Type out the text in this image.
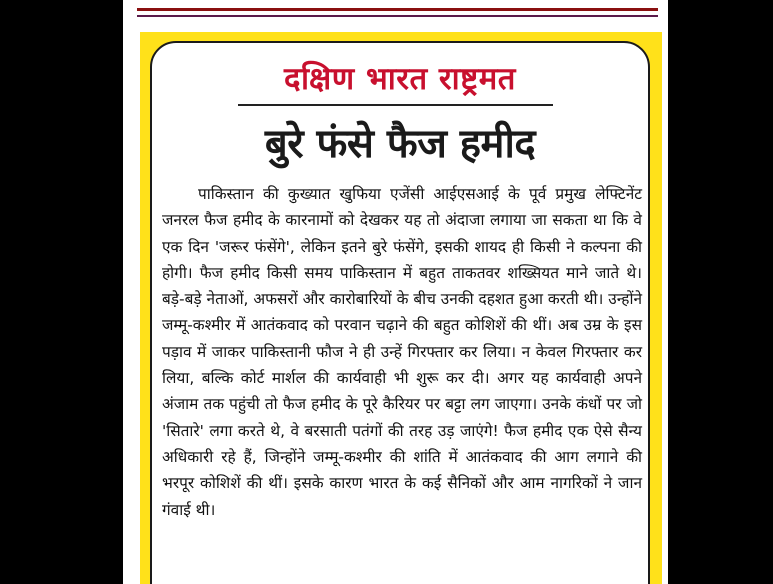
दक्षिण भारत राष्ट्रमत
बुरे फंसे फैज हमीद

पाकिस्तान की कुख्यात खुफिया एजेंसी आईएसआई के पूर्व प्रमुख लेफ्टिनेंट जनरल फैज हमीद के कारनामों को देखकर यह तो अंदाजा लगाया जा सकता था कि वे एक दिन 'जरूर फंसेंगे', लेकिन इतने बुरे फंसेंगे, इसकी शायद ही किसी ने कल्पना की होगी। फैज हमीद किसी समय पाकिस्तान में बहुत ताकतवर शख्सियत माने जाते थे। बड़े-बड़े नेताओं, अफसरों और कारोबारियों के बीच उनकी दहशत हुआ करती थी। उन्होंने जम्मू-कश्मीर में आतंकवाद को परवान चढ़ाने की बहुत कोशिशें की थीं। अब उम्र के इस पड़ाव में जाकर पाकिस्तानी फौज ने ही उन्हें गिरफ्तार कर लिया। न केवल गिरफ्तार कर लिया, बल्कि कोर्ट मार्शल की कार्यवाही भी शुरू कर दी। अगर यह कार्यवाही अपने अंजाम तक पहुंची तो फैज हमीद के पूरे कैरियर पर बट्टा लग जाएगा। उनके कंधों पर जो 'सितारे' लगा करते थे, वे बरसाती पतंगों की तरह उड़ जाएंगे! फैज हमीद एक ऐसे सैन्य अधिकारी रहे हैं, जिन्होंने जम्मू-कश्मीर की शांति में आतंकवाद की आग लगाने की भरपूर कोशिशें की थीं। इसके कारण भारत के कई सैनिकों और आम नागरिकों ने जान गंवाई थी।
